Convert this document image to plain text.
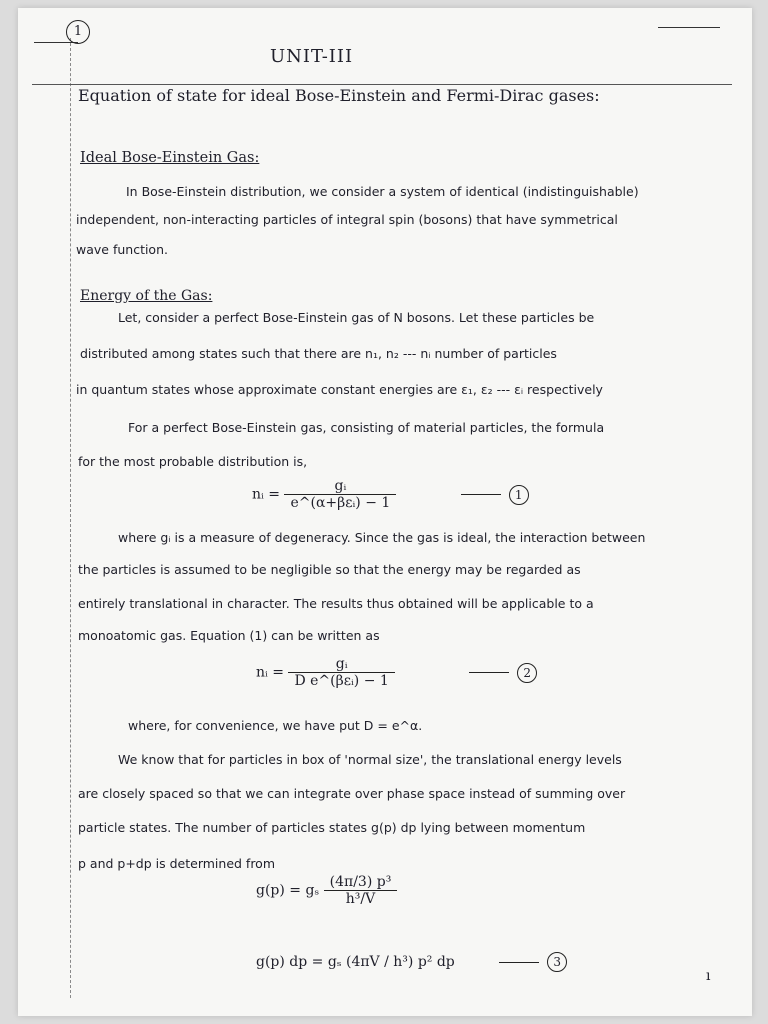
1
UNIT-III
Equation of state for ideal Bose-Einstein and Fermi-Dirac gases:
Ideal Bose-Einstein Gas:
In Bose-Einstein distribution, we consider a system of identical (indistinguishable)
independent, non-interacting particles of integral spin (bosons) that have symmetrical
wave function.
Energy of the Gas:
Let, consider a perfect Bose-Einstein gas of N bosons. Let these particles be
distributed among states such that there are n₁, n₂ --- nᵢ number of particles
in quantum states whose approximate constant energies are ε₁, ε₂ --- εᵢ respectively
For a perfect Bose-Einstein gas, consisting of material particles, the formula
for the most probable distribution is,
nᵢ = $\frac{\text{gᵢ}}{\text{e\textasciicircum{}(α+βεᵢ) − 1}}$	1
where gᵢ is a measure of degeneracy. Since the gas is ideal, the interaction between
the particles is assumed to be negligible so that the energy may be regarded as
entirely translational in character. The results thus obtained will be applicable to a
monoatomic gas. Equation (1) can be written as
nᵢ = $\frac{\text{gᵢ}}{\text{D e\textasciicircum{}(βεᵢ) − 1}}$	2
where, for convenience, we have put D = e^α.
We know that for particles in box of 'normal size', the translational energy levels
are closely spaced so that we can integrate over phase space instead of summing over
particle states. The number of particles states g(p) dp lying between momentum
p and p+dp is determined from
g(p) = gₛ $\frac{\text{(4π/3) p³}}{\text{h³/V}}$
g(p) dp = gₛ (4πV / h³) p² dp	3
ı
